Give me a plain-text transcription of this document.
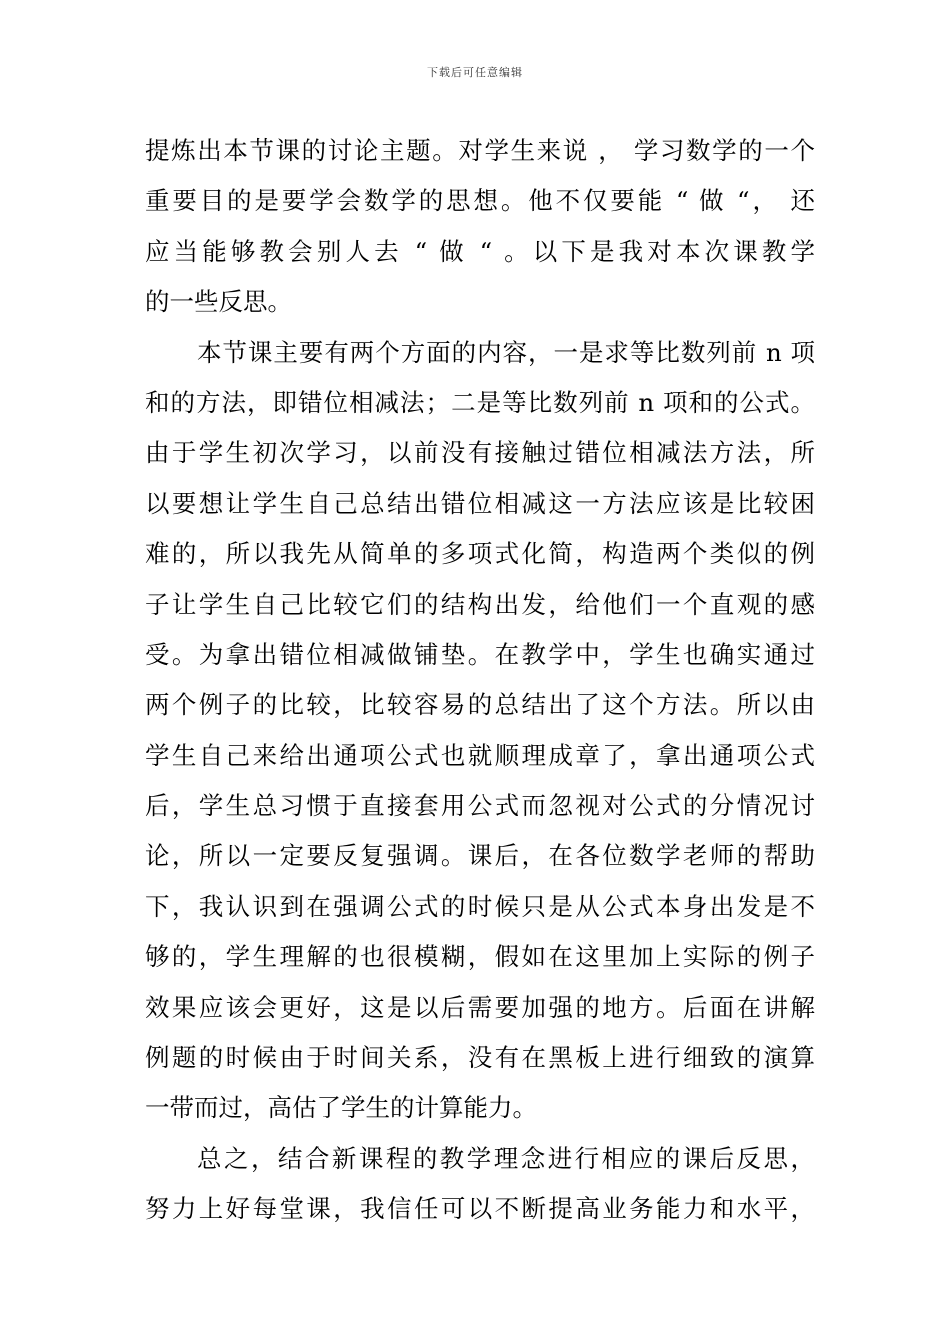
下载后可任意编辑
提炼出本节课的讨论主题。对学生来说 ， 学习数学的一个
重要目的是要学会数学的思想。他不仅要能 “ 做 “， 还
应当能够教会别人去 “ 做 “ 。以下是我对本次课教学
的一些反思。
本节课主要有两个方面的内容，一是求等比数列前 n 项
和的方法，即错位相减法；二是等比数列前 n 项和的公式。
由于学生初次学习，以前没有接触过错位相减法方法，所
以要想让学生自己总结出错位相减这一方法应该是比较困
难的，所以我先从简单的多项式化简，构造两个类似的例
子让学生自己比较它们的结构出发，给他们一个直观的感
受。为拿出错位相减做铺垫。在教学中，学生也确实通过
两个例子的比较，比较容易的总结出了这个方法。所以由
学生自己来给出通项公式也就顺理成章了，拿出通项公式
后，学生总习惯于直接套用公式而忽视对公式的分情况讨
论，所以一定要反复强调。课后，在各位数学老师的帮助
下，我认识到在强调公式的时候只是从公式本身出发是不
够的，学生理解的也很模糊，假如在这里加上实际的例子
效果应该会更好，这是以后需要加强的地方。后面在讲解
例题的时候由于时间关系，没有在黑板上进行细致的演算
一带而过，高估了学生的计算能力。
总之，结合新课程的教学理念进行相应的课后反思，
努力上好每堂课，我信任可以不断提高业务能力和水平，
